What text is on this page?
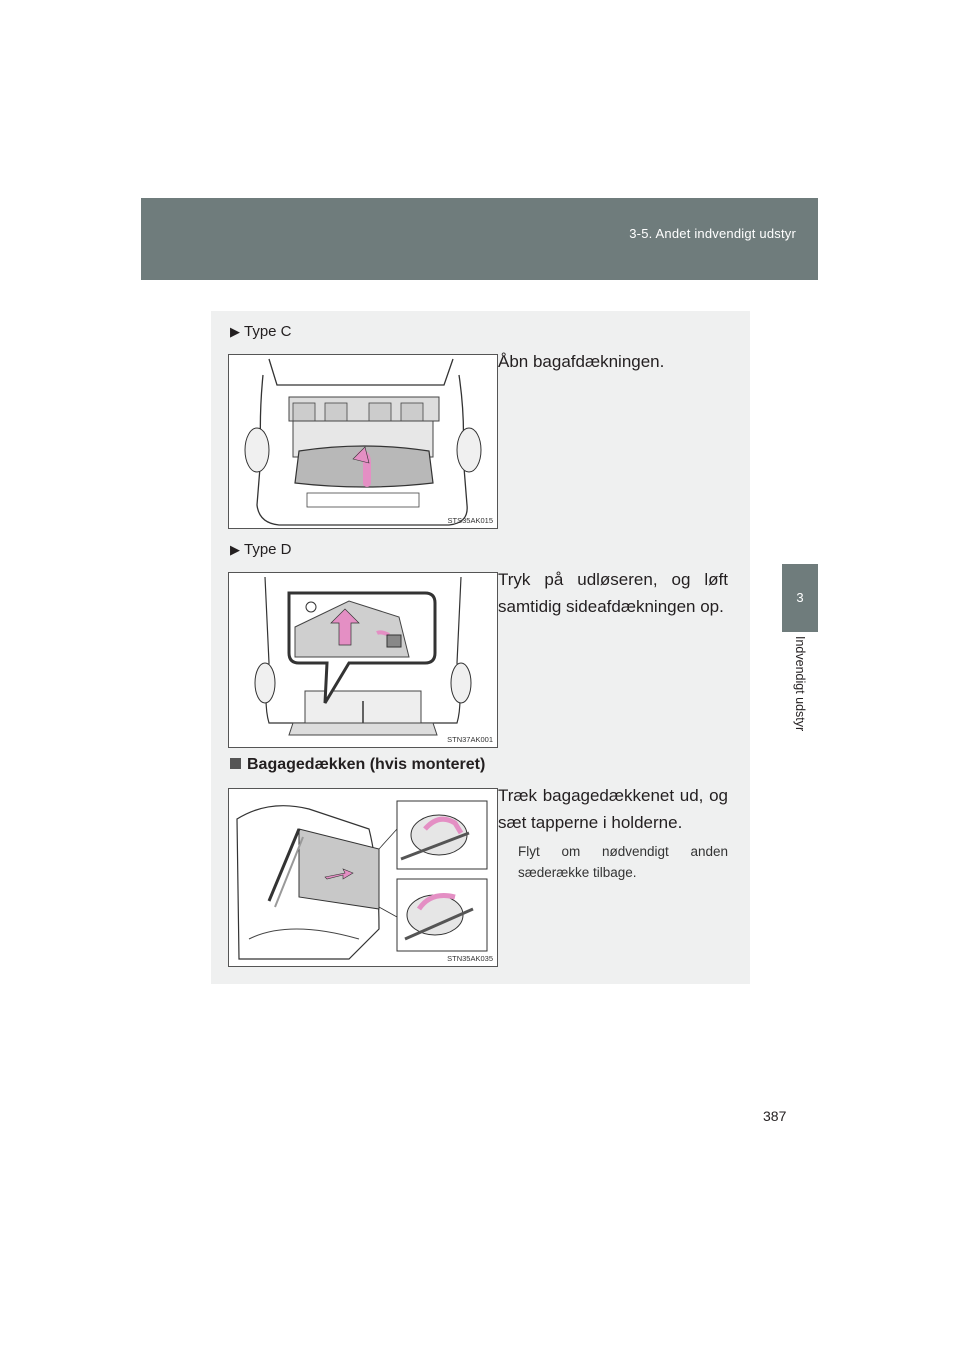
3-5. Andet indvendigt udstyr
3
Indvendigt udstyr
▶ Type C
STS35AK015
Åbn bagafdækningen.
▶ Type D
STN37AK001
Tryk på udløseren, og løft samtidig sideafdækningen op.
Bagagedækken (hvis monteret)
STN35AK035
Træk bagagedækkenet ud, og sæt tapperne i holderne.
Flyt om nødvendigt anden sæderække tilbage.
387
